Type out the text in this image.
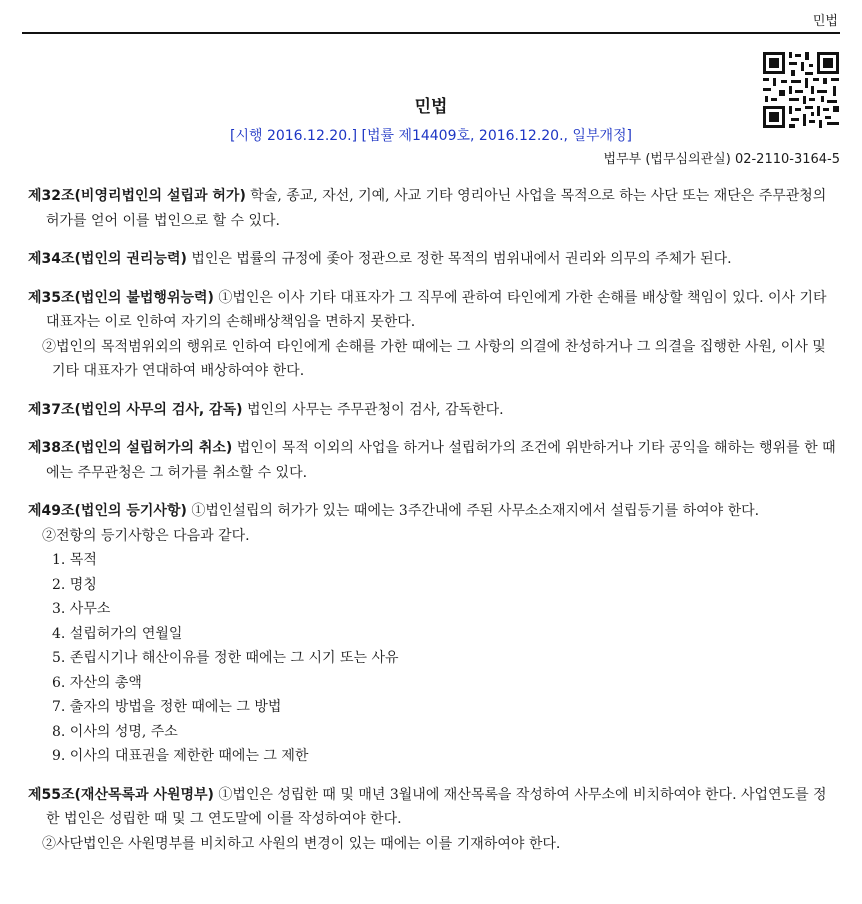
민법
민법
[시행 2016.12.20.] [법률 제14409호, 2016.12.20., 일부개정]
법무부 (법무심의관실) 02-2110-3164-5
제32조(비영리법인의 설립과 허가) 학술, 종교, 자선, 기예, 사교 기타 영리아닌 사업을 목적으로 하는 사단 또는 재단은 주무관청의 허가를 얻어 이를 법인으로 할 수 있다.
제34조(법인의 권리능력) 법인은 법률의 규정에 좇아 정관으로 정한 목적의 범위내에서 권리와 의무의 주체가 된다.
제35조(법인의 불법행위능력) ①법인은 이사 기타 대표자가 그 직무에 관하여 타인에게 가한 손해를 배상할 책임이 있다. 이사 기타 대표자는 이로 인하여 자기의 손해배상책임을 면하지 못한다.
②법인의 목적범위외의 행위로 인하여 타인에게 손해를 가한 때에는 그 사항의 의결에 찬성하거나 그 의결을 집행한 사원, 이사 및 기타 대표자가 연대하여 배상하여야 한다.
제37조(법인의 사무의 검사, 감독) 법인의 사무는 주무관청이 검사, 감독한다.
제38조(법인의 설립허가의 취소) 법인이 목적 이외의 사업을 하거나 설립허가의 조건에 위반하거나 기타 공익을 해하는 행위를 한 때에는 주무관청은 그 허가를 취소할 수 있다.
제49조(법인의 등기사항) ①법인설립의 허가가 있는 때에는 3주간내에 주된 사무소소재지에서 설립등기를 하여야 한다.
②전항의 등기사항은 다음과 같다.
1. 목적
2. 명칭
3. 사무소
4. 설립허가의 연월일
5. 존립시기나 해산이유를 정한 때에는 그 시기 또는 사유
6. 자산의 총액
7. 출자의 방법을 정한 때에는 그 방법
8. 이사의 성명, 주소
9. 이사의 대표권을 제한한 때에는 그 제한
제55조(재산목록과 사원명부) ①법인은 성립한 때 및 매년 3월내에 재산목록을 작성하여 사무소에 비치하여야 한다. 사업연도를 정한 법인은 성립한 때 및 그 연도말에 이를 작성하여야 한다.
②사단법인은 사원명부를 비치하고 사원의 변경이 있는 때에는 이를 기재하여야 한다.
